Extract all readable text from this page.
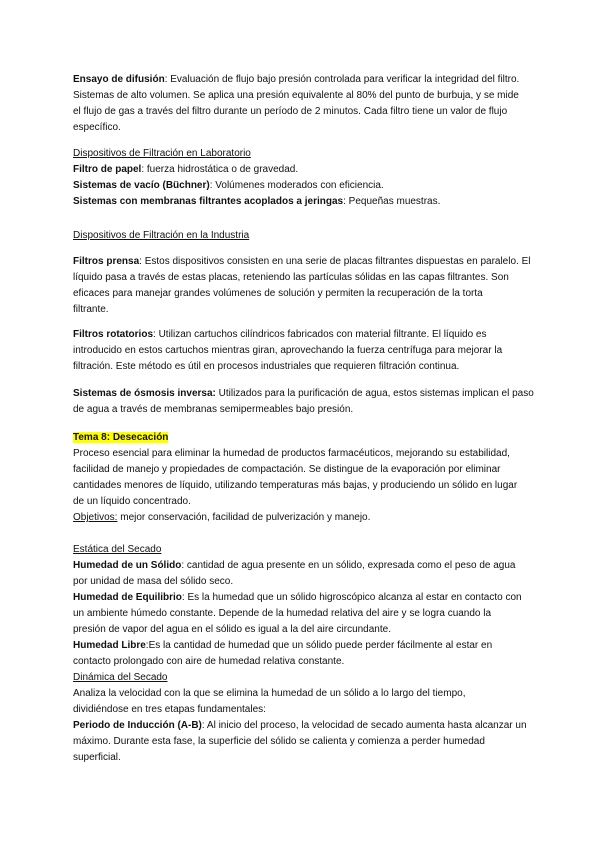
Ensayo de difusión: Evaluación de flujo bajo presión controlada para verificar la integridad del filtro.
Sistemas de alto volumen. Se aplica una presión equivalente al 80% del punto de burbuja, y se mide
el flujo de gas a través del filtro durante un período de 2 minutos. Cada filtro tiene un valor de flujo
específico.
Dispositivos de Filtración en Laboratorio
Filtro de papel: fuerza hidrostática o de gravedad.
Sistemas de vacío (Büchner): Volúmenes moderados con eficiencia.
Sistemas con membranas filtrantes acoplados a jeringas: Pequeñas muestras.
Dispositivos de Filtración en la Industria
Filtros prensa: Estos dispositivos consisten en una serie de placas filtrantes dispuestas en paralelo. El
líquido pasa a través de estas placas, reteniendo las partículas sólidas en las capas filtrantes. Son
eficaces para manejar grandes volúmenes de solución y permiten la recuperación de la torta
filtrante.
Filtros rotatorios: Utilizan cartuchos cilíndricos fabricados con material filtrante. El líquido es
introducido en estos cartuchos mientras giran, aprovechando la fuerza centrífuga para mejorar la
filtración. Este método es útil en procesos industriales que requieren filtración continua.
Sistemas de ósmosis inversa: Utilizados para la purificación de agua, estos sistemas implican el paso
de agua a través de membranas semipermeables bajo presión.
Tema 8: Desecación
Proceso esencial para eliminar la humedad de productos farmacéuticos, mejorando su estabilidad,
facilidad de manejo y propiedades de compactación. Se distingue de la evaporación por eliminar
cantidades menores de líquido, utilizando temperaturas más bajas, y produciendo un sólido en lugar
de un líquido concentrado.
Objetivos: mejor conservación, facilidad de pulverización y manejo.
Estática del Secado
Humedad de un Sólido: cantidad de agua presente en un sólido, expresada como el peso de agua
por unidad de masa del sólido seco.
Humedad de Equilibrio: Es la humedad que un sólido higroscópico alcanza al estar en contacto con
un ambiente húmedo constante. Depende de la humedad relativa del aire y se logra cuando la
presión de vapor del agua en el sólido es igual a la del aire circundante.
Humedad Libre:Es la cantidad de humedad que un sólido puede perder fácilmente al estar en
contacto prolongado con aire de humedad relativa constante.
Dinámica del Secado
Analiza la velocidad con la que se elimina la humedad de un sólido a lo largo del tiempo,
dividiéndose en tres etapas fundamentales:
Periodo de Inducción (A-B): Al inicio del proceso, la velocidad de secado aumenta hasta alcanzar un
máximo. Durante esta fase, la superficie del sólido se calienta y comienza a perder humedad
superficial.
